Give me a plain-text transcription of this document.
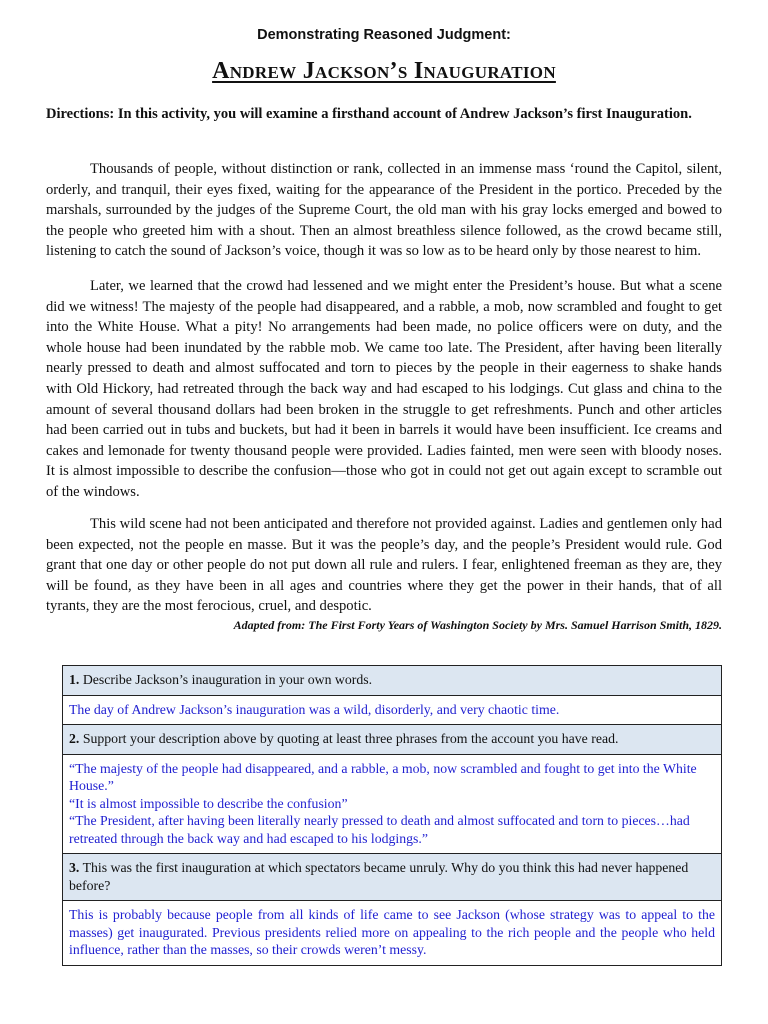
Demonstrating Reasoned Judgment:
Andrew Jackson’s Inauguration
Directions: In this activity, you will examine a firsthand account of Andrew Jackson’s first Inauguration.

Thousands of people, without distinction or rank, collected in an immense mass ‘round the Capitol, silent, orderly, and tranquil, their eyes fixed, waiting for the appearance of the President in the portico. Preceded by the marshals, surrounded by the judges of the Supreme Court, the old man with his gray locks emerged and bowed to the people who greeted him with a shout. Then an almost breathless silence followed, as the crowd became still, listening to catch the sound of Jackson’s voice, though it was so low as to be heard only by those nearest to him.

Later, we learned that the crowd had lessened and we might enter the President’s house. But what a scene did we witness! The majesty of the people had disappeared, and a rabble, a mob, now scrambled and fought to get into the White House. What a pity! No arrangements had been made, no police officers were on duty, and the whole house had been inundated by the rabble mob. We came too late. The President, after having been literally nearly pressed to death and almost suffocated and torn to pieces by the people in their eagerness to shake hands with Old Hickory, had retreated through the back way and had escaped to his lodgings. Cut glass and china to the amount of several thousand dollars had been broken in the struggle to get refreshments. Punch and other articles had been carried out in tubs and buckets, but had it been in barrels it would have been insufficient. Ice creams and cakes and lemonade for twenty thousand people were provided. Ladies fainted, men were seen with bloody noses. It is almost impossible to describe the confusion—those who got in could not get out again except to scramble out of the windows.

This wild scene had not been anticipated and therefore not provided against. Ladies and gentlemen only had been expected, not the people en masse. But it was the people’s day, and the people’s President would rule. God grant that one day or other people do not put down all rule and rulers. I fear, enlightened freeman as they are, they will be found, as they have been in all ages and countries where they get the power in their hands, that of all tyrants, they are the most ferocious, cruel, and despotic.

Adapted from: The First Forty Years of Washington Society by Mrs. Samuel Harrison Smith, 1829.
1. Describe Jackson’s inauguration in your own words.

The day of Andrew Jackson’s inauguration was a wild, disorderly, and very chaotic time.

2. Support your description above by quoting at least three phrases from the account you have read.

“The majesty of the people had disappeared, and a rabble, a mob, now scrambled and fought to get into the White House.”
“It is almost impossible to describe the confusion”
“The President, after having been literally nearly pressed to death and almost suffocated and torn to pieces…had retreated through the back way and had escaped to his lodgings.”

3. This was the first inauguration at which spectators became unruly. Why do you think this had never happened before?

This is probably because people from all kinds of life came to see Jackson (whose strategy was to appeal to the masses) get inaugurated. Previous presidents relied more on appealing to the rich people and the people who held influence, rather than the masses, so their crowds weren’t messy.
